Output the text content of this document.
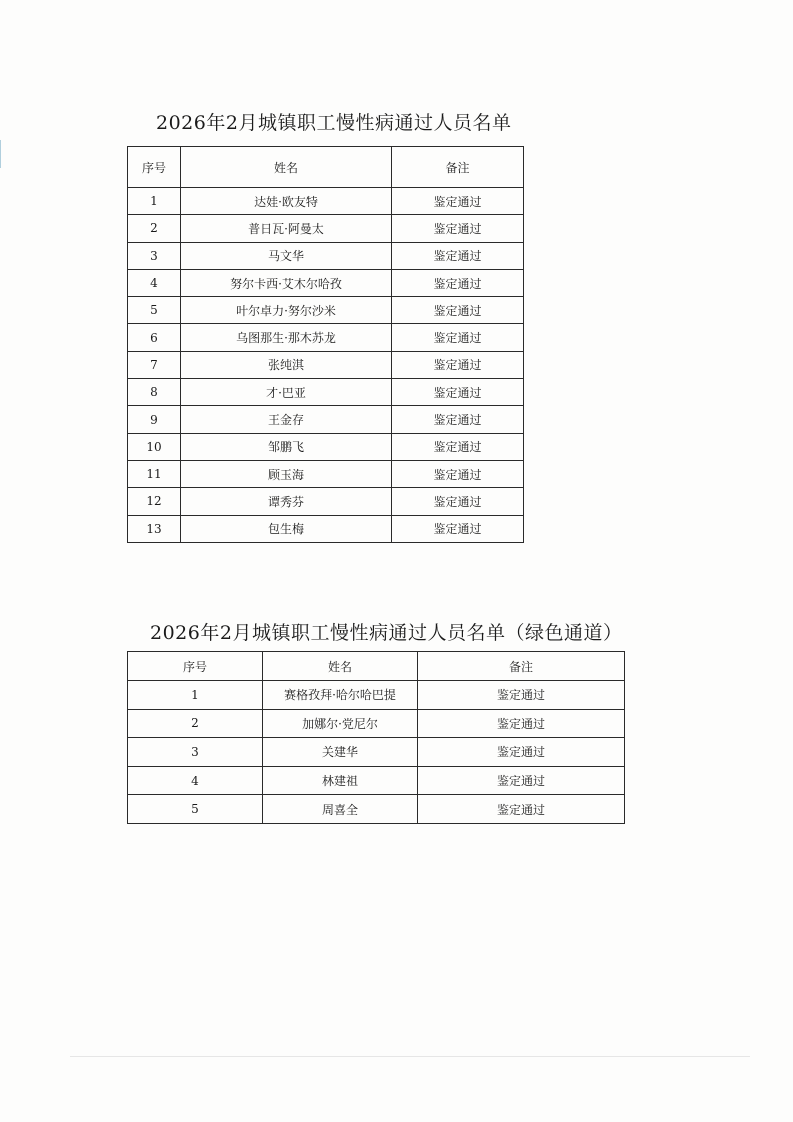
2026年2月城镇职工慢性病通过人员名单
序号	姓名	备注
1	达娃·欧友特	鉴定通过
2	普日瓦·阿曼太	鉴定通过
3	马文华	鉴定通过
4	努尔卡西·艾木尔哈孜	鉴定通过
5	叶尔卓力·努尔沙米	鉴定通过
6	乌图那生·那木苏龙	鉴定通过
7	张纯淇	鉴定通过
8	才·巴亚	鉴定通过
9	王金存	鉴定通过
10	邹鹏飞	鉴定通过
11	顾玉海	鉴定通过
12	谭秀芬	鉴定通过
13	包生梅	鉴定通过
2026年2月城镇职工慢性病通过人员名单（绿色通道）
序号	姓名	备注
1	赛格孜拜·哈尔哈巴提	鉴定通过
2	加娜尔·党尼尔	鉴定通过
3	关建华	鉴定通过
4	林建祖	鉴定通过
5	周喜全	鉴定通过
